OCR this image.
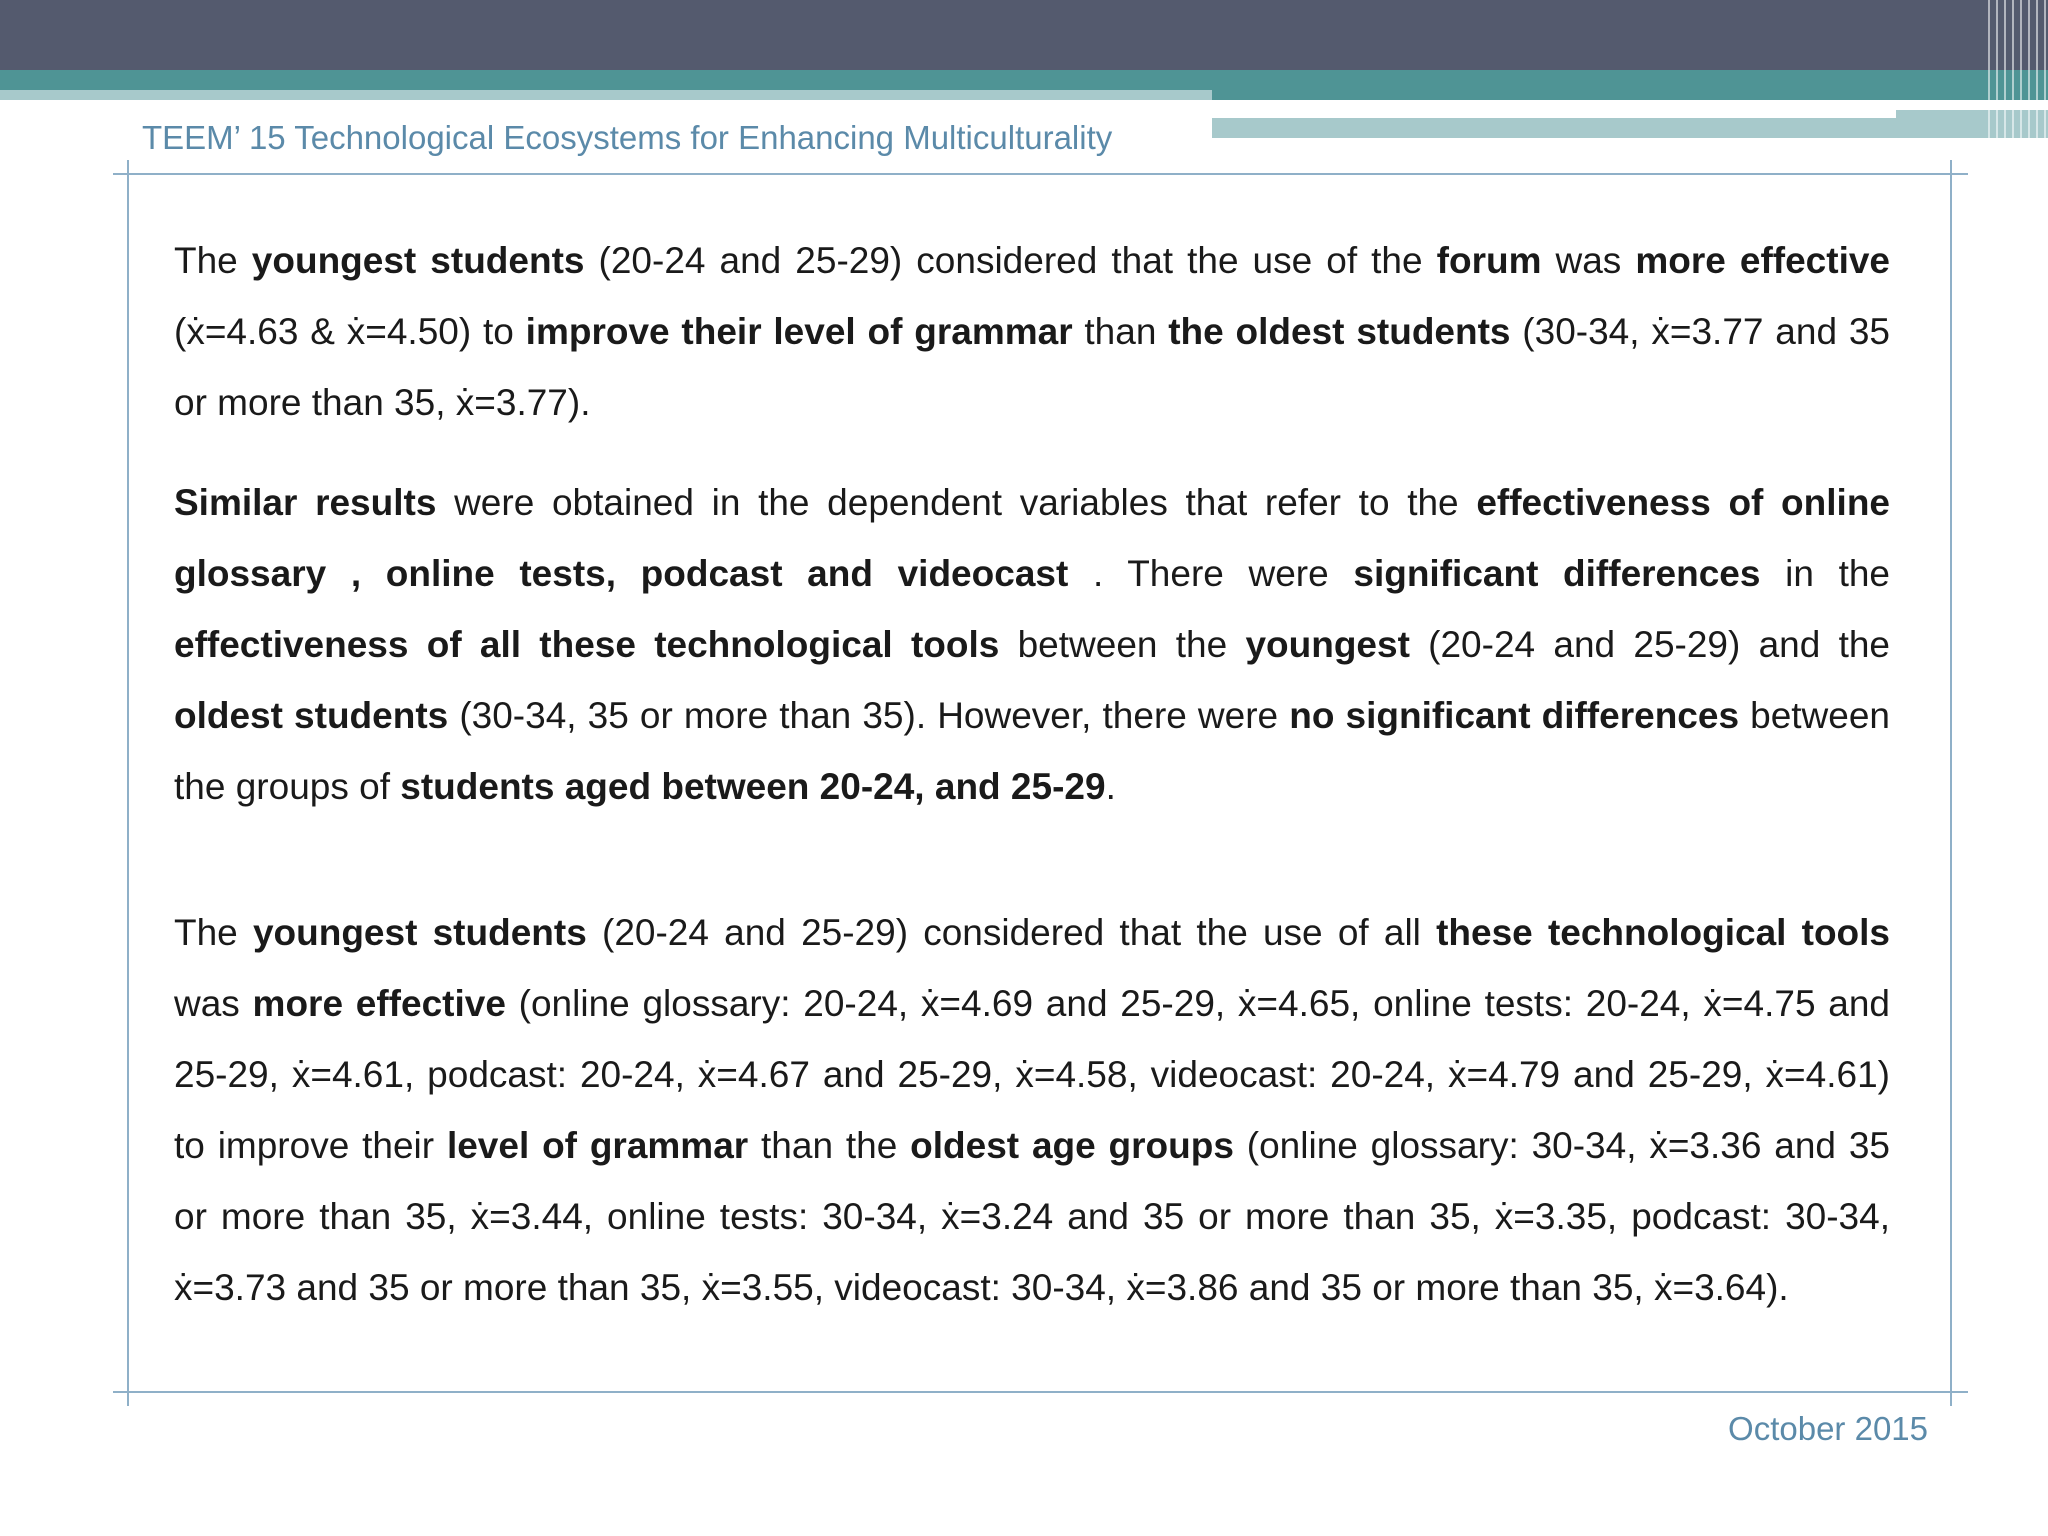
TEEM’ 15 Technological Ecosystems for Enhancing Multiculturality

The youngest students (20-24 and 25-29) considered that the use of the forum was more effective (ẋ=4.63 & ẋ=4.50) to improve their level of grammar than the oldest students (30-34, ẋ=3.77 and 35 or more than 35, ẋ=3.77).

Similar results were obtained in the dependent variables that refer to the effectiveness of online glossary , online tests, podcast and videocast . There were significant differences in the effectiveness of all these technological tools between the youngest (20-24 and 25-29) and the oldest students (30-34, 35 or more than 35). However, there were no significant differences between the groups of students aged between 20-24, and 25-29.

The youngest students (20-24 and 25-29) considered that the use of all these technological tools was more effective (online glossary: 20-24, ẋ=4.69 and 25-29, ẋ=4.65, online tests: 20-24, ẋ=4.75 and 25-29, ẋ=4.61, podcast: 20-24, ẋ=4.67 and 25-29, ẋ=4.58, videocast: 20-24, ẋ=4.79 and 25-29, ẋ=4.61) to improve their level of grammar than the oldest age groups (online glossary: 30-34, ẋ=3.36 and 35 or more than 35, ẋ=3.44, online tests: 30-34, ẋ=3.24 and 35 or more than 35, ẋ=3.35, podcast: 30-34, ẋ=3.73 and 35 or more than 35, ẋ=3.55, videocast: 30-34, ẋ=3.86 and 35 or more than 35, ẋ=3.64).

October 2015
